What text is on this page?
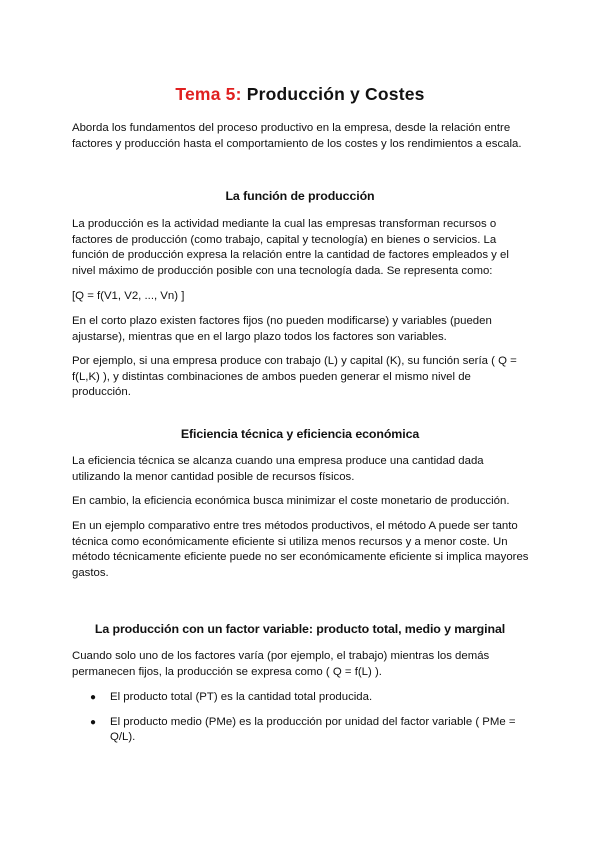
Tema 5: Producción y Costes

Aborda los fundamentos del proceso productivo en la empresa, desde la relación entre factores y producción hasta el comportamiento de los costes y los rendimientos a escala.

La función de producción

La producción es la actividad mediante la cual las empresas transforman recursos o factores de producción (como trabajo, capital y tecnología) en bienes o servicios. La función de producción expresa la relación entre la cantidad de factores empleados y el nivel máximo de producción posible con una tecnología dada. Se representa como:

[Q = f(V1, V2, ..., Vn) ]

En el corto plazo existen factores fijos (no pueden modificarse) y variables (pueden ajustarse), mientras que en el largo plazo todos los factores son variables.

Por ejemplo, si una empresa produce con trabajo (L) y capital (K), su función sería ( Q = f(L,K) ), y distintas combinaciones de ambos pueden generar el mismo nivel de producción.

Eficiencia técnica y eficiencia económica

La eficiencia técnica se alcanza cuando una empresa produce una cantidad dada utilizando la menor cantidad posible de recursos físicos.

En cambio, la eficiencia económica busca minimizar el coste monetario de producción.

En un ejemplo comparativo entre tres métodos productivos, el método A puede ser tanto técnica como económicamente eficiente si utiliza menos recursos y a menor coste. Un método técnicamente eficiente puede no ser económicamente eficiente si implica mayores gastos.

La producción con un factor variable: producto total, medio y marginal

Cuando solo uno de los factores varía (por ejemplo, el trabajo) mientras los demás permanecen fijos, la producción se expresa como ( Q = f(L) ).

● El producto total (PT) es la cantidad total producida.
● El producto medio (PMe) es la producción por unidad del factor variable ( PMe = Q/L).
